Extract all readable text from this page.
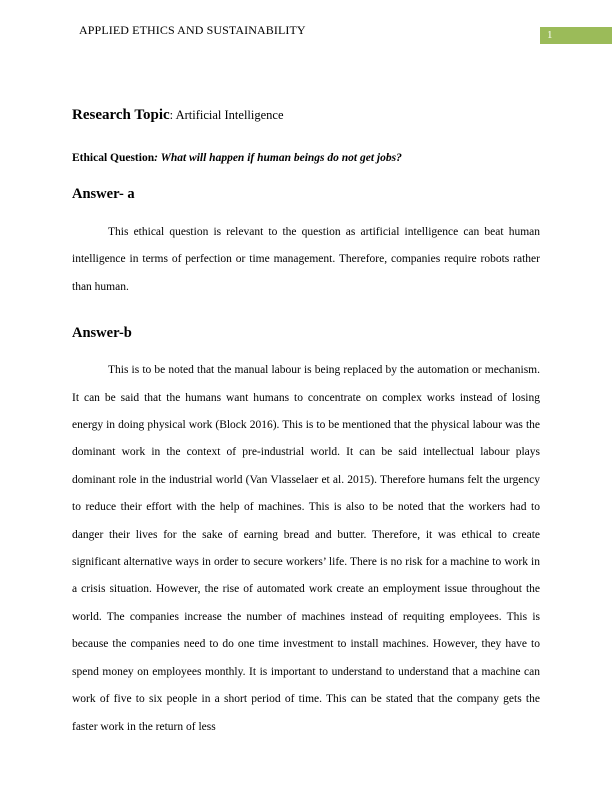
APPLIED ETHICS AND SUSTAINABILITY	1

Research Topic: Artificial Intelligence

Ethical Question: What will happen if human beings do not get jobs?

Answer- a

This ethical question is relevant to the question as artificial intelligence can beat human intelligence in terms of perfection or time management. Therefore, companies require robots rather than human.

Answer-b

This is to be noted that the manual labour is being replaced by the automation or mechanism. It can be said that the humans want humans to concentrate on complex works instead of losing energy in doing physical work (Block 2016). This is to be mentioned that the physical labour was the dominant work in the context of pre-industrial world. It can be said intellectual labour plays dominant role in the industrial world (Van Vlasselaer et al. 2015). Therefore humans felt the urgency to reduce their effort with the help of machines. This is also to be noted that the workers had to danger their lives for the sake of earning bread and butter. Therefore, it was ethical to create significant alternative ways in order to secure workers’ life. There is no risk for a machine to work in a crisis situation. However, the rise of automated work create an employment issue throughout the world. The companies increase the number of machines instead of requiting employees. This is because the companies need to do one time investment to install machines. However, they have to spend money on employees monthly. It is important to understand to understand that a machine can work of five to six people in a short period of time. This can be stated that the company gets the faster work in the return of less
